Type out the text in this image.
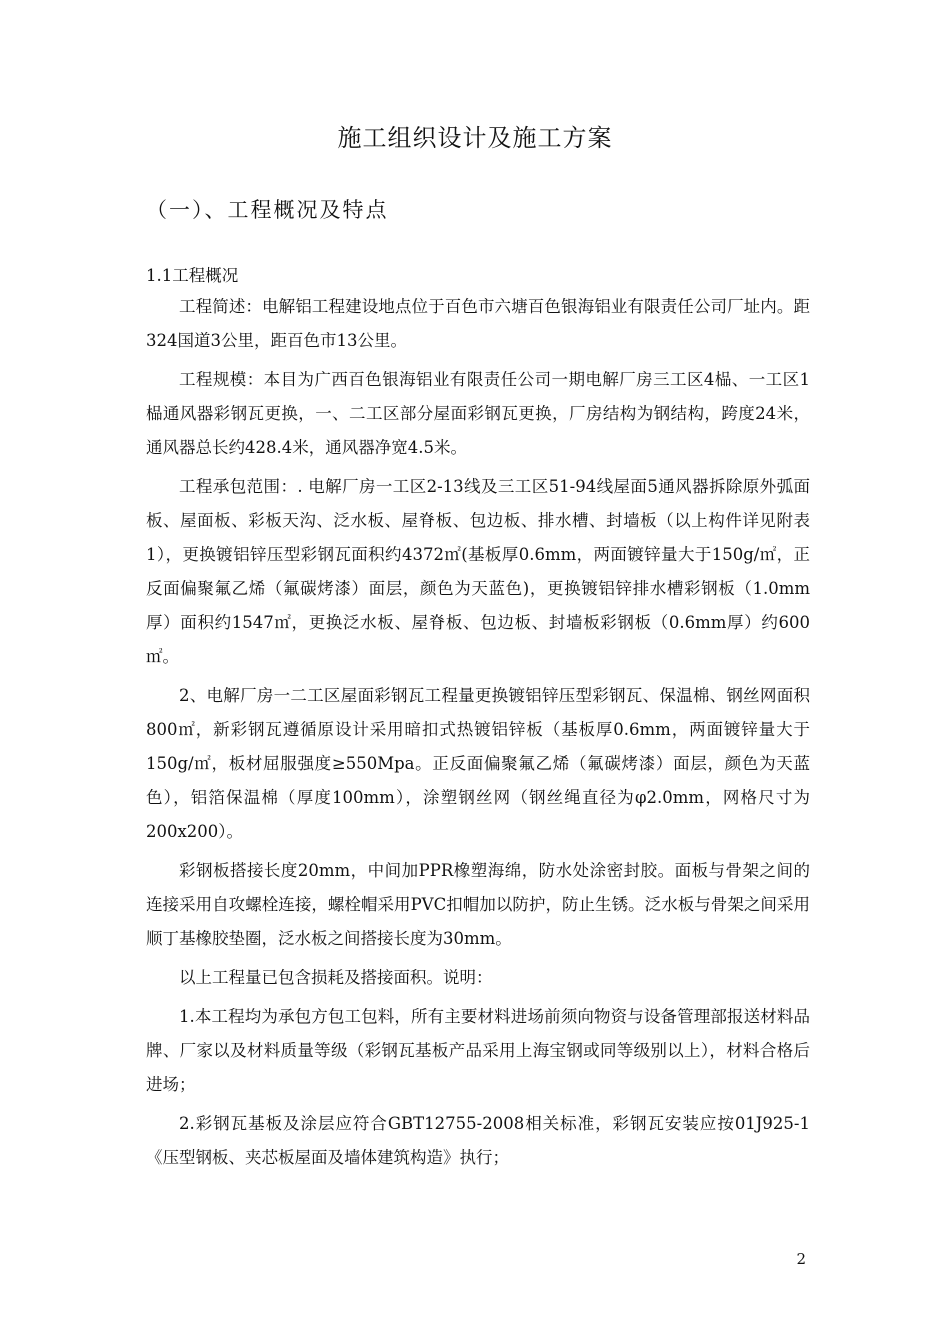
施工组织设计及施工方案
（一）、工程概况及特点
1.1工程概况

工程简述：电解铝工程建设地点位于百色市六塘百色银海铝业有限责任公司厂址内。距324国道3公里，距百色市13公里。

工程规模：本目为广西百色银海铝业有限责任公司一期电解厂房三工区4榀、一工区1榀通风器彩钢瓦更换，一、二工区部分屋面彩钢瓦更换，厂房结构为钢结构，跨度24米，通风器总长约428.4米，通风器净宽4.5米。

工程承包范围：. 电解厂房一工区2-13线及三工区51-94线屋面5通风器拆除原外弧面板、屋面板、彩板天沟、泛水板、屋脊板、包边板、排水槽、封墙板（以上构件详见附表1），更换镀铝锌压型彩钢瓦面积约4372㎡(基板厚0.6mm，两面镀锌量大于150g/㎡，正反面偏聚氟乙烯（氟碳烤漆）面层，颜色为天蓝色)，更换镀铝锌排水槽彩钢板（1.0mm厚）面积约1547㎡，更换泛水板、屋脊板、包边板、封墙板彩钢板（0.6mm厚）约600㎡。

2、电解厂房一二工区屋面彩钢瓦工程量更换镀铝锌压型彩钢瓦、保温棉、钢丝网面积800㎡，新彩钢瓦遵循原设计采用暗扣式热镀铝锌板（基板厚0.6mm，两面镀锌量大于150g/㎡，板材屈服强度≥550Mpa。正反面偏聚氟乙烯（氟碳烤漆）面层，颜色为天蓝色），铝箔保温棉（厚度100mm），涂塑钢丝网（钢丝绳直径为φ2.0mm，网格尺寸为200x200）。

彩钢板搭接长度20mm，中间加PPR橡塑海绵，防水处涂密封胶。面板与骨架之间的连接采用自攻螺栓连接，螺栓帽采用PVC扣帽加以防护，防止生锈。泛水板与骨架之间采用顺丁基橡胶垫圈，泛水板之间搭接长度为30mm。

以上工程量已包含损耗及搭接面积。说明：

1.本工程均为承包方包工包料，所有主要材料进场前须向物资与设备管理部报送材料品牌、厂家以及材料质量等级（彩钢瓦基板产品采用上海宝钢或同等级别以上），材料合格后进场；

2.彩钢瓦基板及涂层应符合GBT12755-2008相关标准，彩钢瓦安装应按01J925-1《压型钢板、夹芯板屋面及墙体建筑构造》执行；

2
